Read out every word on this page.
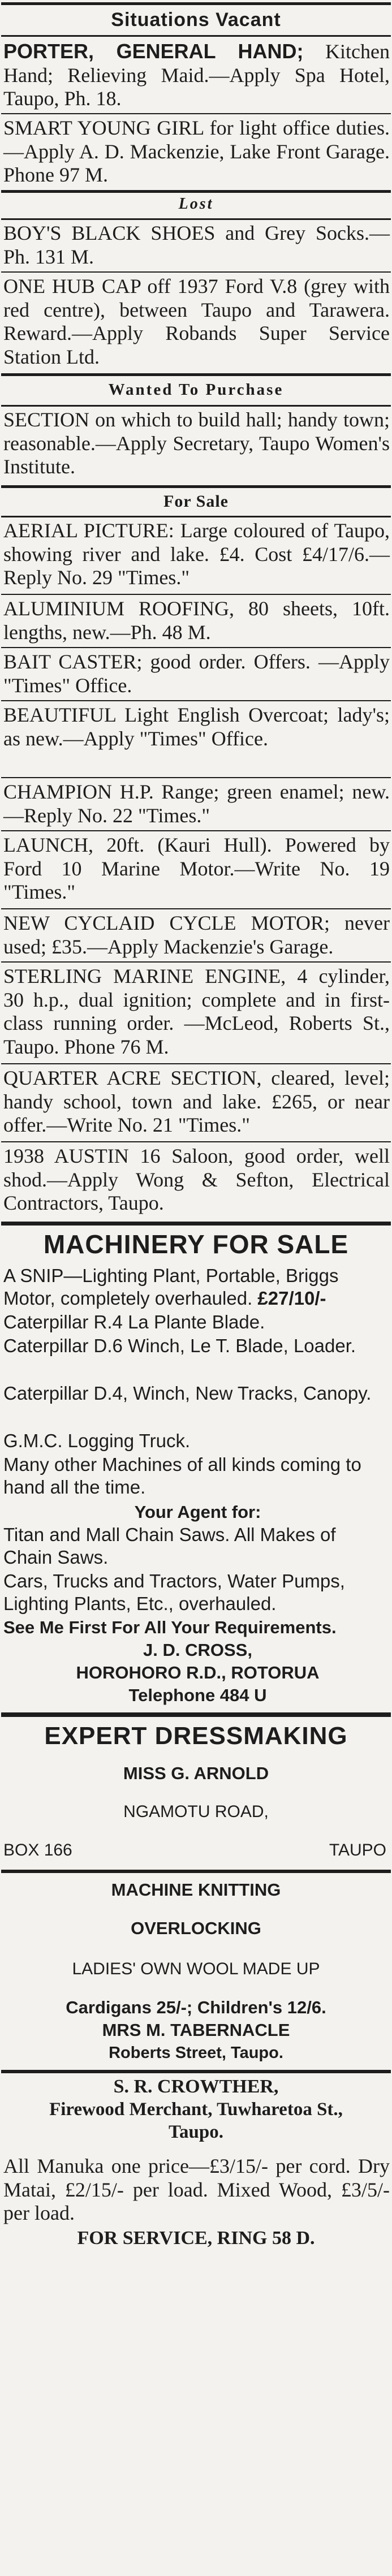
Situations Vacant
PORTER, GENERAL HAND; Kitchen Hand; Relieving Maid.—Apply Spa Hotel, Taupo, Ph. 18.
SMART YOUNG GIRL for light office duties.—Apply A. D. Mackenzie, Lake Front Garage. Phone 97 M.
Lost
BOY'S BLACK SHOES and Grey Socks.—Ph. 131 M.
ONE HUB CAP off 1937 Ford V.8 (grey with red centre), between Taupo and Tarawera. Reward.—Apply Robands Super Service Station Ltd.
Wanted To Purchase
SECTION on which to build hall; handy town; reasonable.—Apply Secretary, Taupo Women's Institute.
For Sale
AERIAL PICTURE: Large coloured of Taupo, showing river and lake. £4. Cost £4/17/6.—Reply No. 29 "Times."
ALUMINIUM ROOFING, 80 sheets, 10ft. lengths, new.—Ph. 48 M.
BAIT CASTER; good order. Offers. —Apply "Times" Office.
BEAUTIFUL Light English Overcoat; lady's; as new.—Apply "Times" Office.
CHAMPION H.P. Range; green enamel; new.—Reply No. 22 "Times."
LAUNCH, 20ft. (Kauri Hull). Powered by Ford 10 Marine Motor.—Write No. 19 "Times."
NEW CYCLAID CYCLE MOTOR; never used; £35.—Apply Mackenzie's Garage.
STERLING MARINE ENGINE, 4 cylinder, 30 h.p., dual ignition; complete and in first-class running order. —McLeod, Roberts St., Taupo. Phone 76 M.
QUARTER ACRE SECTION, cleared, level; handy school, town and lake. £265, or near offer.—Write No. 21 "Times."
1938 AUSTIN 16 Saloon, good order, well shod.—Apply Wong & Sefton, Electrical Contractors, Taupo.
MACHINERY FOR SALE
A SNIP—Lighting Plant, Portable, Briggs Motor, completely overhauled. £27/10/-
Caterpillar R.4 La Plante Blade.
Caterpillar D.6 Winch, Le T. Blade, Loader.
Caterpillar D.4, Winch, New Tracks, Canopy.
G.M.C. Logging Truck.
Many other Machines of all kinds coming to hand all the time.
Your Agent for:
Titan and Mall Chain Saws. All Makes of Chain Saws.
Cars, Trucks and Tractors, Water Pumps, Lighting Plants, Etc., overhauled.
See Me First For All Your Requirements.
J. D. CROSS,
HOROHORO R.D., ROTORUA
Telephone 484 U
EXPERT DRESSMAKING
MISS G. ARNOLD
NGAMOTU ROAD,
BOX 166	TAUPO
MACHINE KNITTING
OVERLOCKING
LADIES' OWN WOOL MADE UP
Cardigans 25/-; Children's 12/6.
MRS M. TABERNACLE
Roberts Street, Taupo.
S. R. CROWTHER,
Firewood Merchant, Tuwharetoa St.,
Taupo.
All Manuka one price—£3/15/- per cord. Dry Matai, £2/15/- per load. Mixed Wood, £3/5/- per load.
FOR SERVICE, RING 58 D.
